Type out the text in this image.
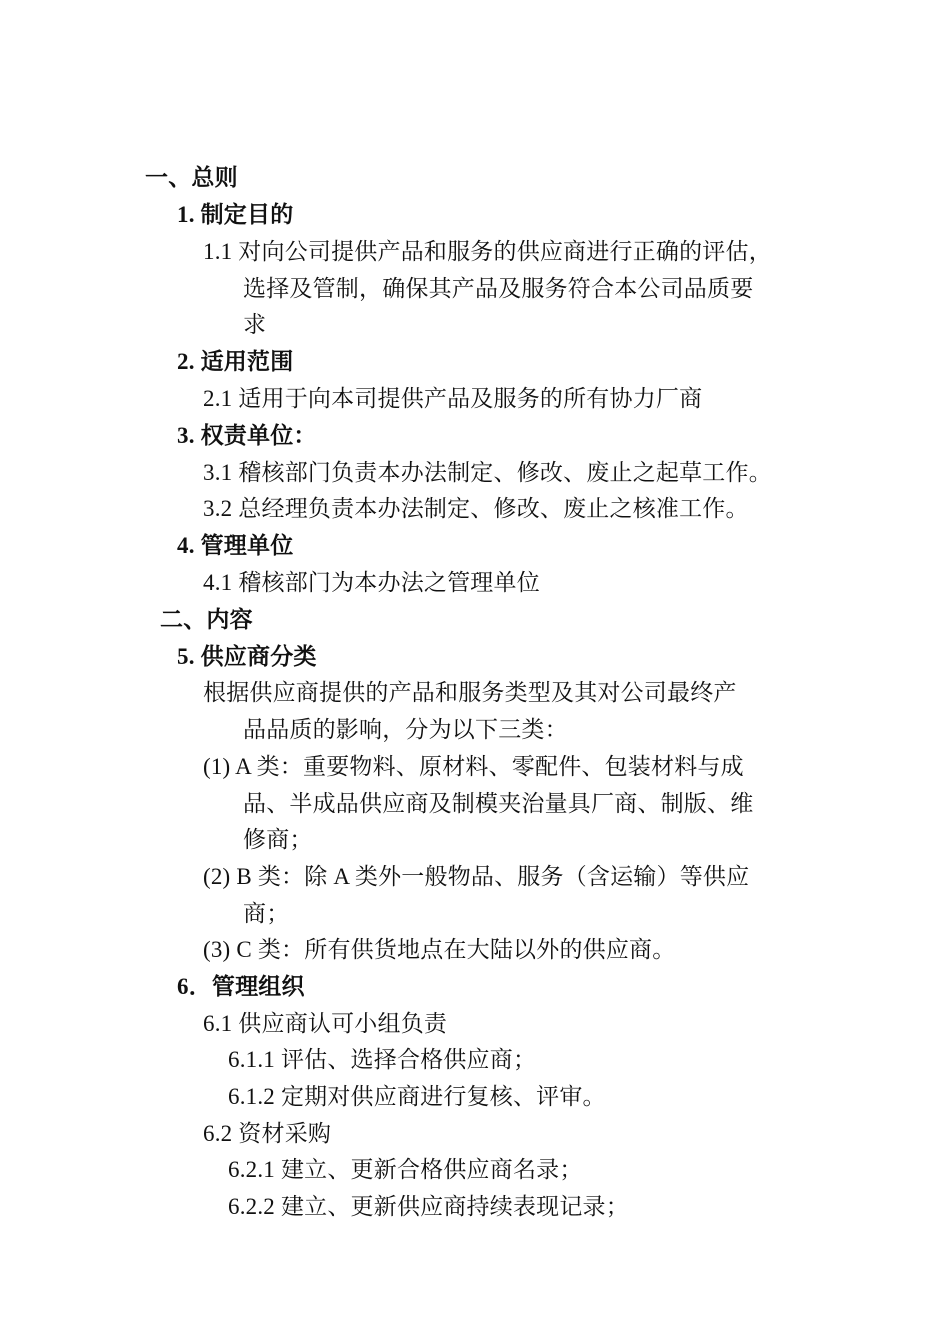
一、总则
1. 制定目的
1.1 对向公司提供产品和服务的供应商进行正确的评估，
选择及管制，确保其产品及服务符合本公司品质要
求
2. 适用范围
2.1 适用于向本司提供产品及服务的所有协力厂商
3. 权责单位：
3.1 稽核部门负责本办法制定、修改、废止之起草工作。
3.2 总经理负责本办法制定、修改、废止之核准工作。
4. 管理单位
4.1 稽核部门为本办法之管理单位
二、内容
5. 供应商分类
根据供应商提供的产品和服务类型及其对公司最终产
品品质的影响，分为以下三类：
(1) A 类：重要物料、原材料、零配件、包装材料与成
品、半成品供应商及制模夹治量具厂商、制版、维
修商；
(2) B 类：除 A 类外一般物品、服务（含运输）等供应
商；
(3) C 类：所有供货地点在大陆以外的供应商。
6．管理组织
6.1 供应商认可小组负责
6.1.1 评估、选择合格供应商；
6.1.2 定期对供应商进行复核、评审。
6.2 资材采购
6.2.1 建立、更新合格供应商名录；
6.2.2 建立、更新供应商持续表现记录；
